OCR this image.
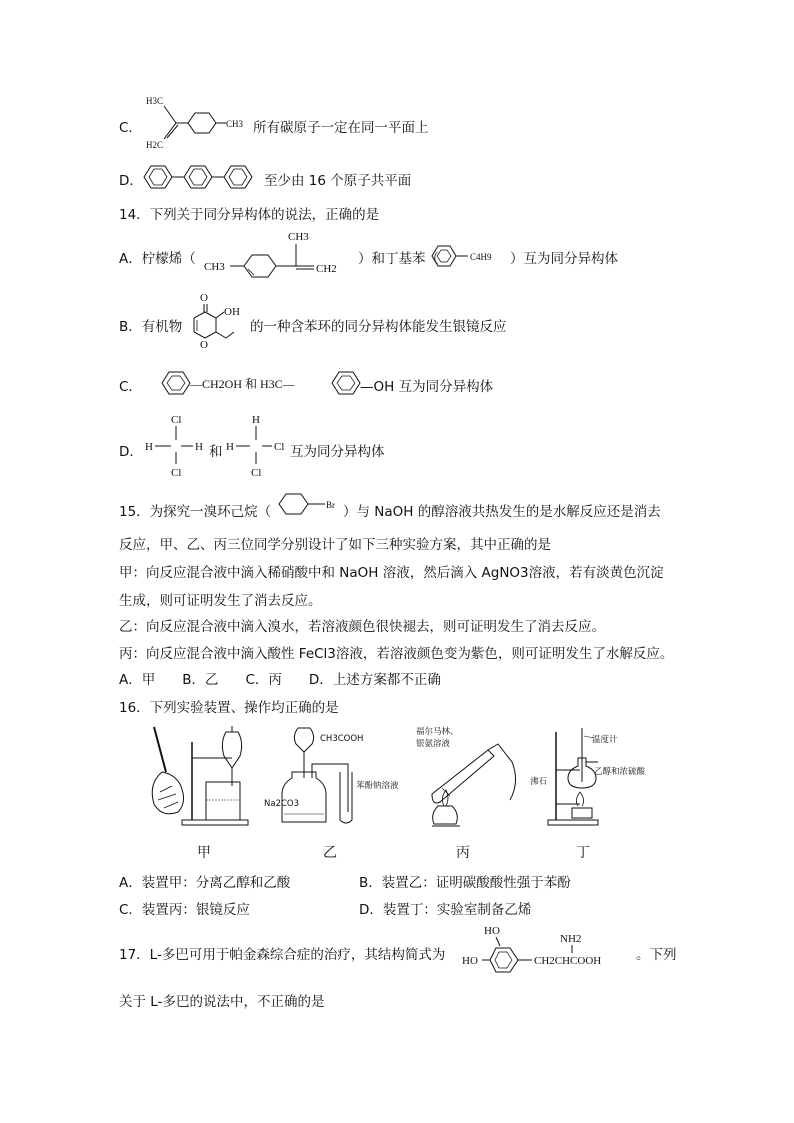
C．
H3C
H2C
CH3 所有碳原子一定在同一平面上
D．	至少由 16 个原子共平面
14．下列关于同分异构体的说法，正确的是
A．柠檬烯（ CH3
CH3
CH2
）和丁基苯（	C4H9 ）互为同分异构体
B．有机物
O
O
OH
的一种含苯环的同分异构体能发生银镜反应
C．	—CH2OH 和 H3C—	—OH 互为同分异构体
D．
Cl
H	H
Cl
和
H
H	Cl
Cl
互为同分异构体
15．为探究一溴环己烷（	Br ）与 NaOH 的醇溶液共热发生的是水解反应还是消去
反应，甲、乙、丙三位同学分别设计了如下三种实验方案，其中正确的是
甲：向反应混合液中滴入稀硝酸中和 NaOH 溶液，然后滴入 AgNO3溶液，若有淡黄色沉淀
生成，则可证明发生了消去反应。
乙：向反应混合液中滴入溴水，若溶液颜色很快褪去，则可证明发生了消去反应。
丙：向反应混合液中滴入酸性 FeCl3溶液，若溶液颜色变为紫色，则可证明发生了水解反应。
A．甲　　B．乙　　C．丙　　D．上述方案都不正确
16．下列实验装置、操作均正确的是
CH3COOH
Na2CO3
苯酚钠溶液
福尔马林、
银氨溶液	温度计
沸石
乙醇和浓硫酸
甲	乙	丙	丁
A．装置甲：分离乙醇和乙酸	B．装置乙：证明碳酸酸性强于苯酚
C．装置丙：银镜反应	D．装置丁：实验室制备乙烯
17．L-多巴可用于帕金森综合症的治疗，其结构简式为
HO
HO
NH2
CH2CHCOOH	。下列
关于 L-多巴的说法中，不正确的是
